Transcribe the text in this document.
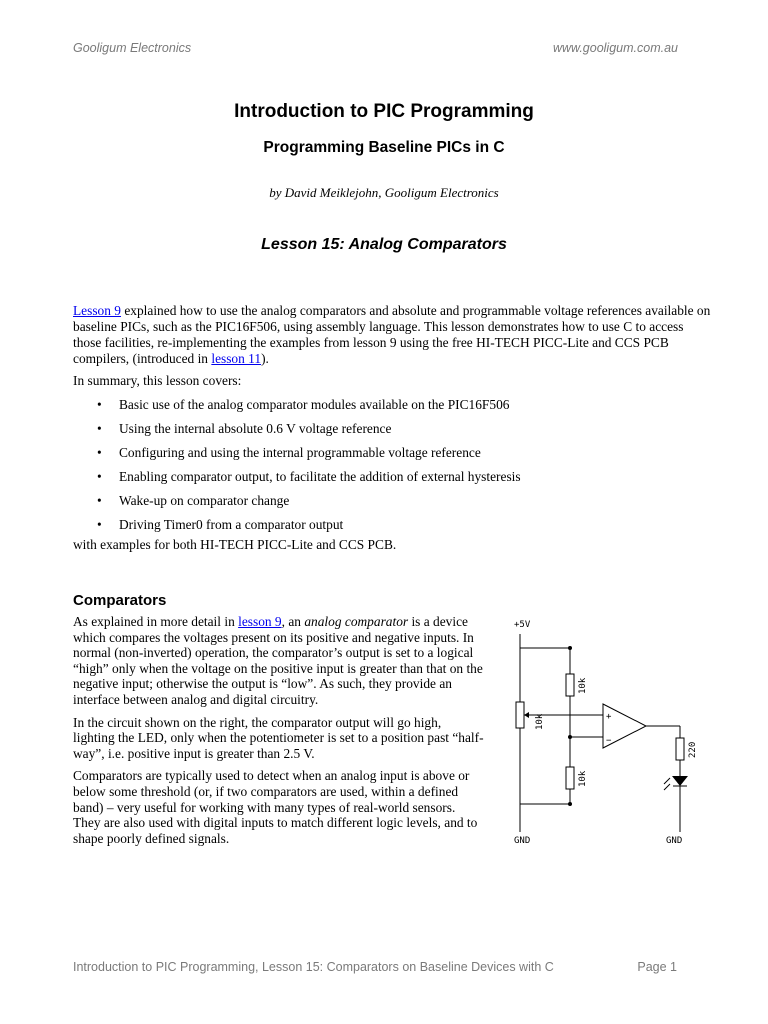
Gooligum Electronics	www.gooligum.com.au
Introduction to PIC Programming
Programming Baseline PICs in C
by David Meiklejohn, Gooligum Electronics
Lesson 15: Analog Comparators

Lesson 9 explained how to use the analog comparators and absolute and programmable voltage references available on baseline PICs, such as the PIC16F506, using assembly language. This lesson demonstrates how to use C to access those facilities, re-implementing the examples from lesson 9 using the free HI-TECH PICC-Lite and CCS PCB compilers, (introduced in lesson 11).

In summary, this lesson covers:

• Basic use of the analog comparator modules available on the PIC16F506
• Using the internal absolute 0.6 V voltage reference
• Configuring and using the internal programmable voltage reference
• Enabling comparator output, to facilitate the addition of external hysteresis
• Wake-up on comparator change
• Driving Timer0 from a comparator output

with examples for both HI-TECH PICC-Lite and CCS PCB.

Comparators

As explained in more detail in lesson 9, an analog comparator is a device which compares the voltages present on its positive and negative inputs. In normal (non-inverted) operation, the comparator’s output is set to a logical “high” only when the voltage on the positive input is greater than that on the negative input; otherwise the output is “low”. As such, they provide an interface between analog and digital circuitry.

In the circuit shown on the right, the comparator output will go high, lighting the LED, only when the potentiometer is set to a position past “half-way”, i.e. positive input is greater than 2.5 V.

Comparators are typically used to detect when an analog input is above or below some threshold (or, if two comparators are used, within a defined band) – very useful for working with many types of real-world sensors. They are also used with digital inputs to match different logic levels, and to shape poorly defined signals.

+5V
GND	GND
10k
10k
10k
220
+
−
Introduction to PIC Programming, Lesson 15: Comparators on Baseline Devices with C	Page 1
